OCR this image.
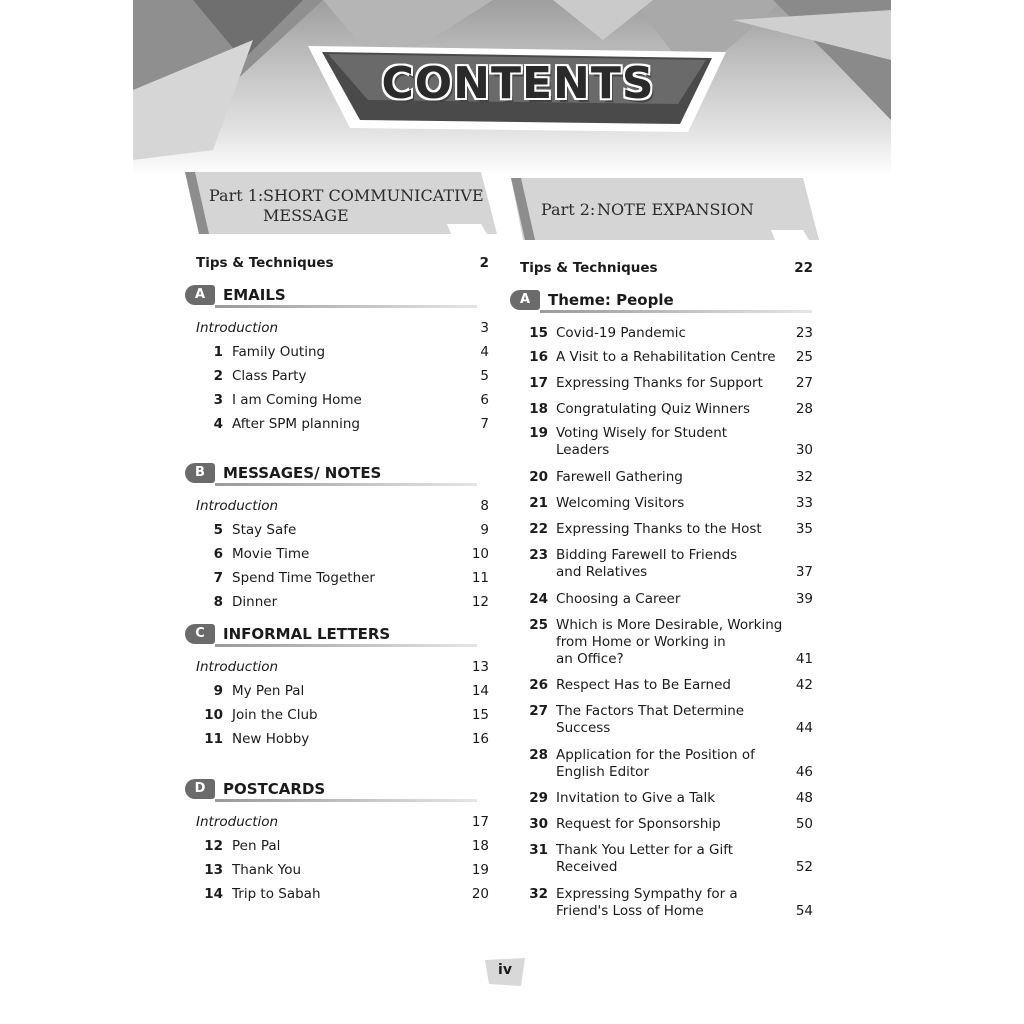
CONTENTS
Part 1: SHORT COMMUNICATIVE
MESSAGE	Part 2: NOTE EXPANSION
Tips & Techniques	2
A	EMAILS
Introduction	3
1 Family Outing	4
2 Class Party	5
3 I am Coming Home	6
4 After SPM planning	7
B	MESSAGES/ NOTES
Introduction	8
5 Stay Safe	9
6 Movie Time	10
7 Spend Time Together	11
8 Dinner	12
C	INFORMAL LETTERS
Introduction	13
9 My Pen Pal	14
10 Join the Club	15
11 New Hobby	16
D	POSTCARDS
Introduction	17
12 Pen Pal	18
13 Thank You	19
14 Trip to Sabah	20
Tips & Techniques	22
A	Theme: People
15 Covid-19 Pandemic	23
16 A Visit to a Rehabilitation Centre	25
17 Expressing Thanks for Support	27
18 Congratulating Quiz Winners	28
19 Voting Wisely for Student
Leaders	30
20 Farewell Gathering	32
21 Welcoming Visitors	33
22 Expressing Thanks to the Host	35
23 Bidding Farewell to Friends
and Relatives	37
24 Choosing a Career	39
25 Which is More Desirable, Working
from Home or Working in
an Office?	41
26 Respect Has to Be Earned	42
27 The Factors That Determine
Success	44
28 Application for the Position of
English Editor	46
29 Invitation to Give a Talk	48
30 Request for Sponsorship	50
31 Thank You Letter for a Gift
Received	52
32 Expressing Sympathy for a
Friend's Loss of Home	54
iv
